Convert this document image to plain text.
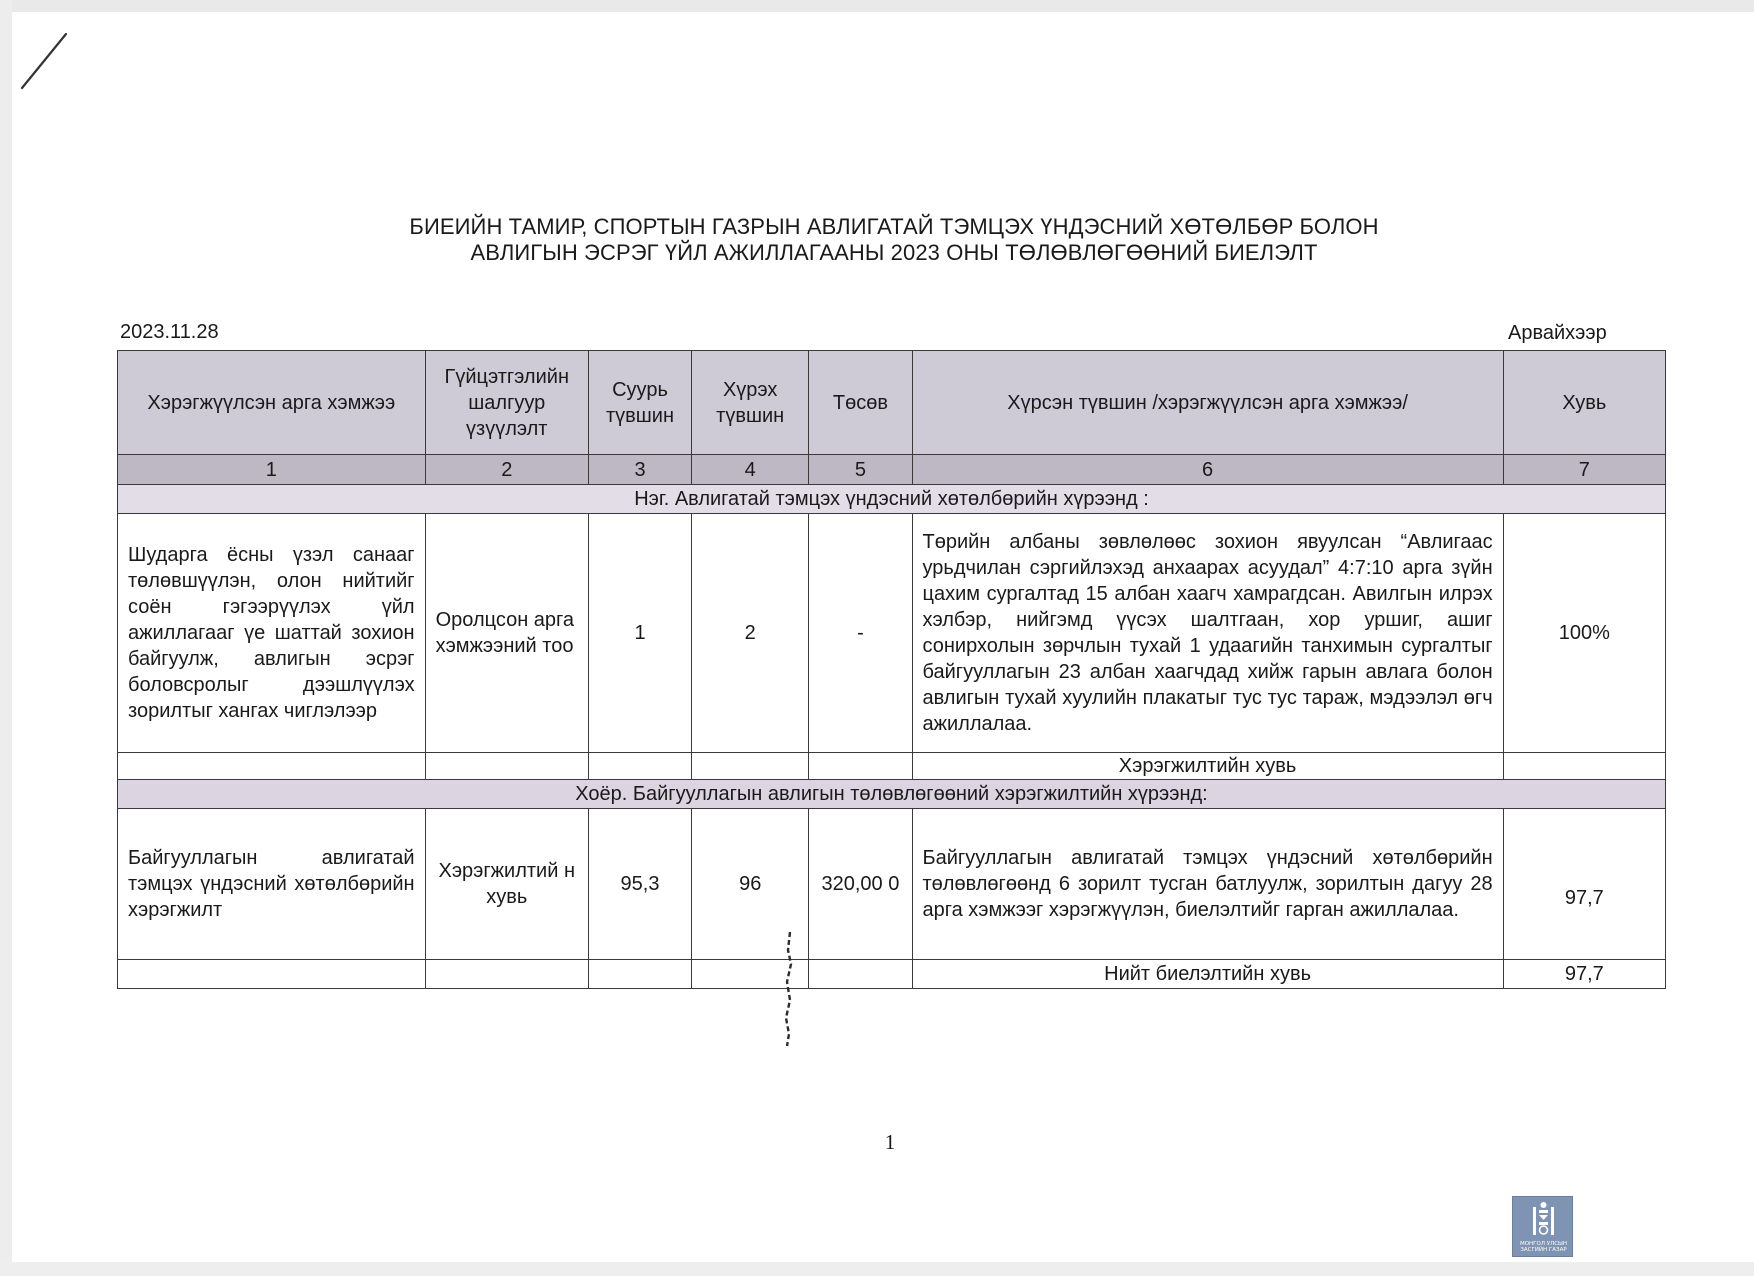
БИЕИЙН ТАМИР, СПОРТЫН ГАЗРЫН АВЛИГАТАЙ ТЭМЦЭХ ҮНДЭСНИЙ ХӨТӨЛБӨР БОЛОН
АВЛИГЫН ЭСРЭГ ҮЙЛ АЖИЛЛАГААНЫ 2023 ОНЫ ТӨЛӨВЛӨГӨӨНИЙ БИЕЛЭЛТ
2023.11.28	Арвайхээр
Хэрэгжүүлсэн арга хэмжээ	Гүйцэтгэлийн шалгуур үзүүлэлт	Суурь түвшин	Хүрэх түвшин	Төсөв	Хүрсэн түвшин /хэрэгжүүлсэн арга хэмжээ/	Хувь
1	2	3	4	5	6	7
Нэг. Авлигатай тэмцэх үндэсний хөтөлбөрийн хүрээнд :						
Шударга ёсны үзэл санааг төлөвшүүлэн, олон нийтийг соён гэгээрүүлэх үйл ажиллагааг үе шаттай зохион байгуулж, авлигын эсрэг боловсролыг дээшлүүлэх зорилтыг хангах чиглэлээр	Оролцсон арга хэмжээний тоо	1	2	-	Төрийн албаны зөвлөлөөс зохион явуулсан “Авлигаас урьдчилан сэргийлэхэд анхаарах асуудал” 4:7:10 арга зүйн цахим сургалтад 15 албан хаагч хамрагдсан. Авилгын илрэх хэлбэр, нийгэмд үүсэх шалтгаан, хор уршиг, ашиг сонирхолын зөрчлын тухай 1 удаагийн танхимын сургалтыг байгууллагын 23 албан хаагчдад хийж гарын авлага болон авлигын тухай хуулийн плакатыг тус тус тараж, мэдээлэл өгч ажиллалаа.	100%
					Хэрэгжилтийн хувь	
Хоёр. Байгууллагын авлигын төлөвлөгөөний хэрэгжилтийн хүрээнд:						
Байгууллагын авлигатай тэмцэх үндэсний хөтөлбөрийн хэрэгжилт	Хэрэгжилтий н хувь	95,3	96	320,00 0	Байгууллагын авлигатай тэмцэх үндэсний хөтөлбөрийн төлөвлөгөөнд 6 зорилт тусган батлуулж, зорилтын дагуу 28 арга хэмжээг хэрэгжүүлэн, биелэлтийг гарган ажиллалаа.	97,7
					Нийт биелэлтийн хувь	97,7
1
МОНГОЛ УЛСЫН ЗАСГИЙН ГАЗАР
